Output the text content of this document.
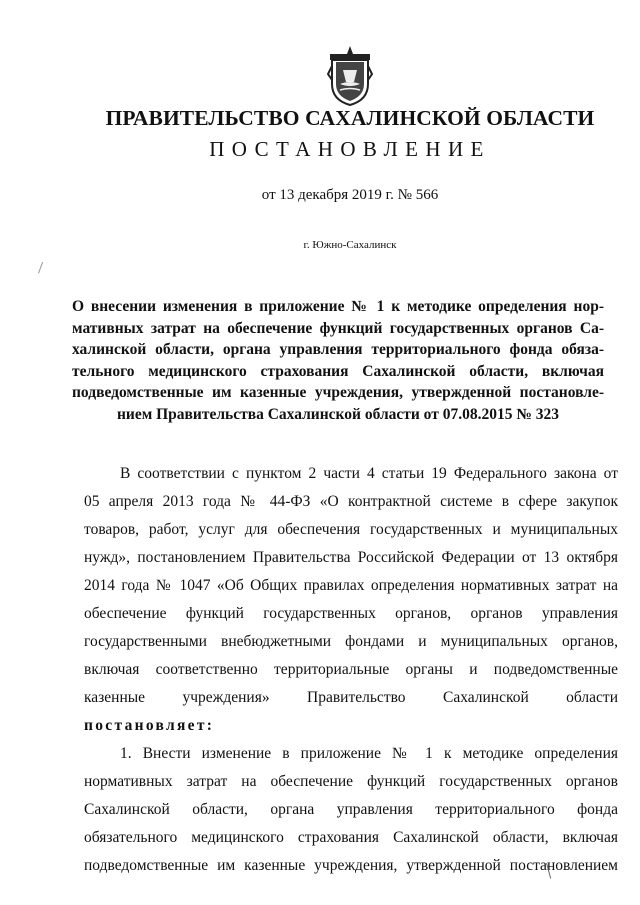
ПРАВИТЕЛЬСТВО САХАЛИНСКОЙ ОБЛАСТИ
ПОСТАНОВЛЕНИЕ
от 13 декабря 2019 г. № 566
г. Южно-Сахалинск
О внесении изменения в приложение № 1 к методике определения нор-
мативных затрат на обеспечение функций государственных органов Са-
халинской области, органа управления территориального фонда обяза-
тельного медицинского страхования Сахалинской области, включая
подведомственные им казенные учреждения, утвержденной постановле-
нием Правительства Сахалинской области от 07.08.2015 № 323
В соответствии с пунктом 2 части 4 статьи 19 Федерального закона от
05 апреля 2013 года № 44-ФЗ «О контрактной системе в сфере закупок
товаров, работ, услуг для обеспечения государственных и муниципальных
нужд», постановлением Правительства Российской Федерации от 13 октября
2014 года № 1047 «Об Общих правилах определения нормативных затрат на
обеспечение функций государственных органов, органов управления
государственными внебюджетными фондами и муниципальных органов,
включая соответственно территориальные органы и подведомственные
казенные учреждения» Правительство Сахалинской области
постановляет:
1. Внести изменение в приложение № 1 к методике определения
нормативных затрат на обеспечение функций государственных органов
Сахалинской области, органа управления территориального фонда
обязательного медицинского страхования Сахалинской области, включая
подведомственные им казенные учреждения, утвержденной постановлением
